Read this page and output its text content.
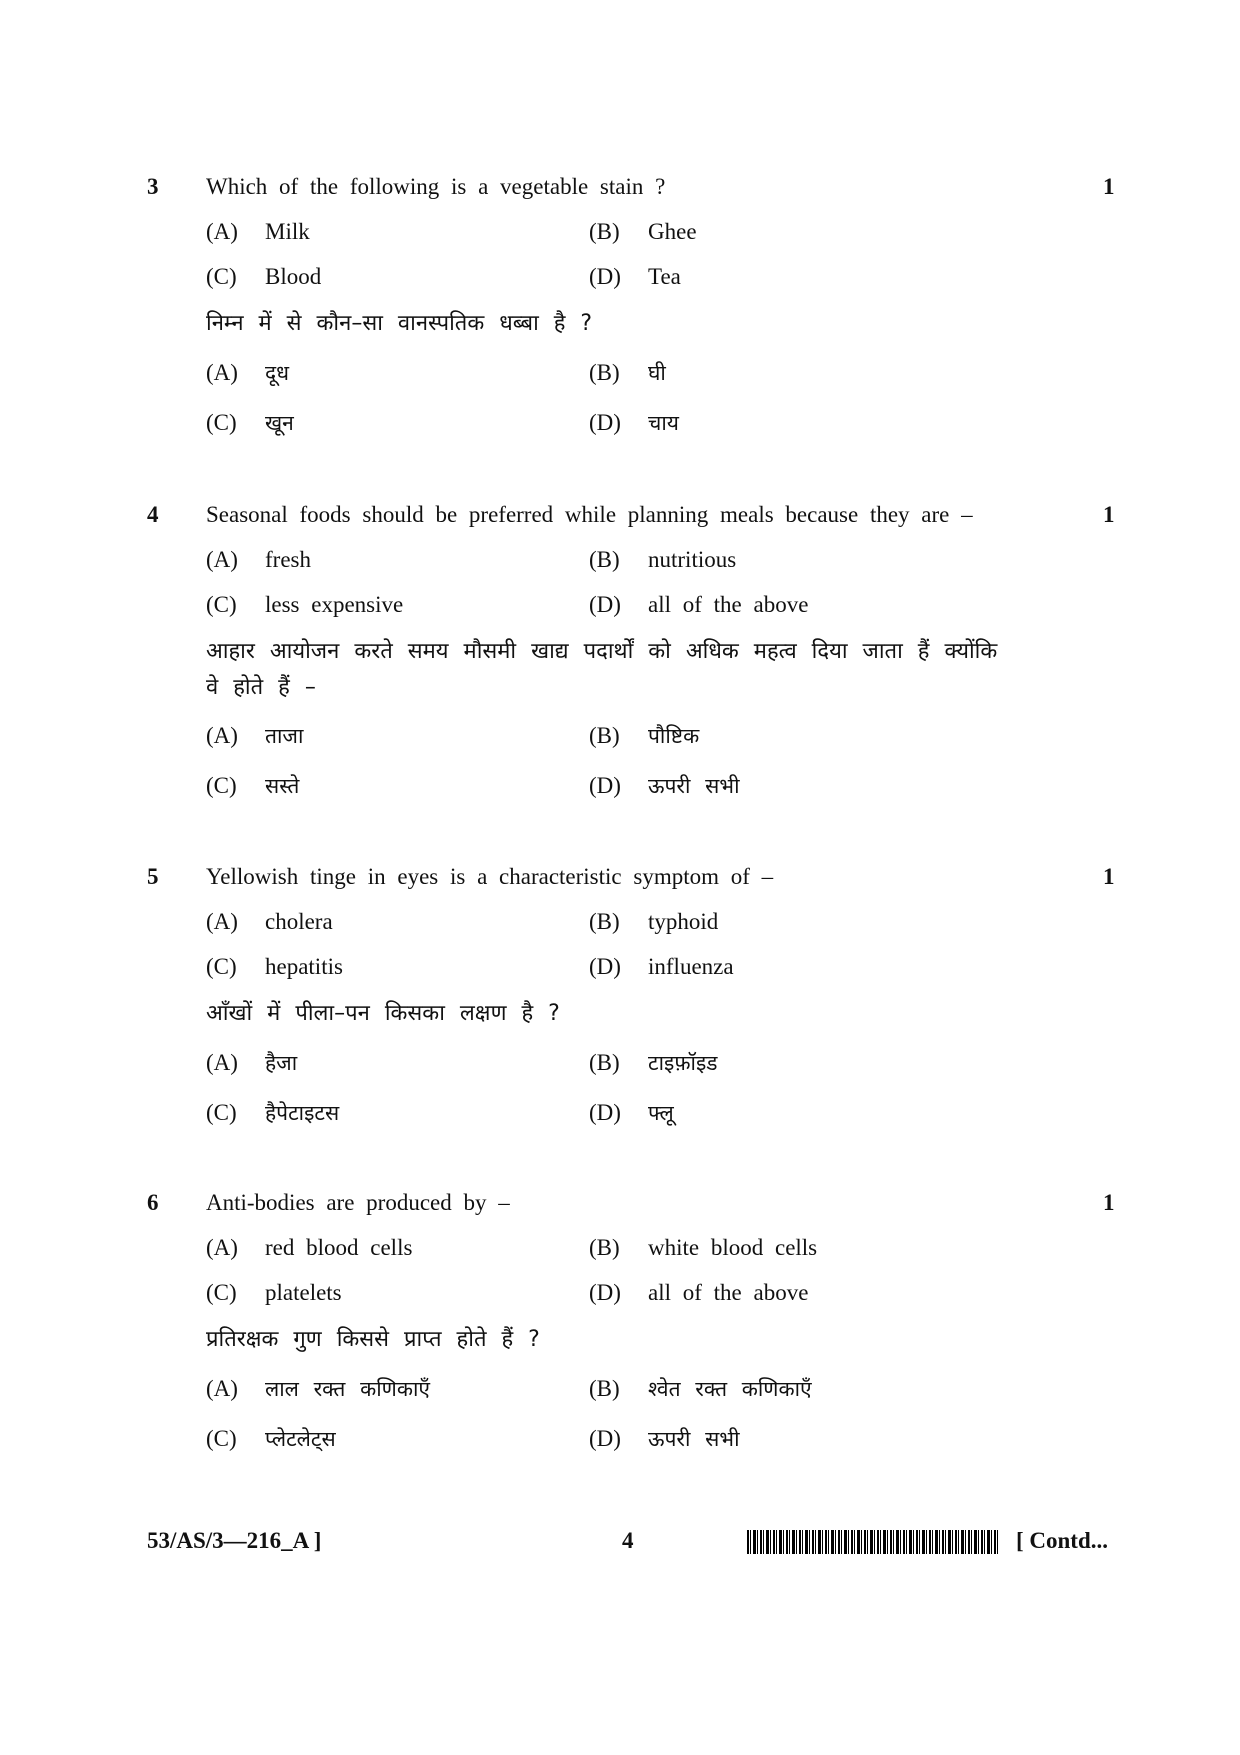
3 Which of the following is a vegetable stain ?	1
(A) Milk	(B) Ghee
(C) Blood	(D) Tea
निम्न में से कौन–सा वानस्पतिक धब्बा है ?
(A) दूध	(B) घी
(C) खून	(D) चाय
4 Seasonal foods should be preferred while planning meals because they are –	1
(A) fresh	(B) nutritious
(C) less expensive	(D) all of the above
आहार आयोजन करते समय मौसमी खाद्य पदार्थों को अधिक महत्व दिया जाता हैं क्योंकि वे होते हैं –
(A) ताजा	(B) पौष्टिक
(C) सस्ते	(D) ऊपरी सभी
5 Yellowish tinge in eyes is a characteristic symptom of –	1
(A) cholera	(B) typhoid
(C) hepatitis	(D) influenza
आँखों में पीला–पन किसका लक्षण है ?
(A) हैजा	(B) टाइफ़ॉइड
(C) हैपेटाइटस	(D) फ्लू
6 Anti-bodies are produced by –	1
(A) red blood cells	(B) white blood cells
(C) platelets	(D) all of the above
प्रतिरक्षक गुण किससे प्राप्त होते हैं ?
(A) लाल रक्त कणिकाएँ	(B) श्वेत रक्त कणिकाएँ
(C) प्लेटलेट्स	(D) ऊपरी सभी
53/AS/3—216_A ]	4	[ Contd...
